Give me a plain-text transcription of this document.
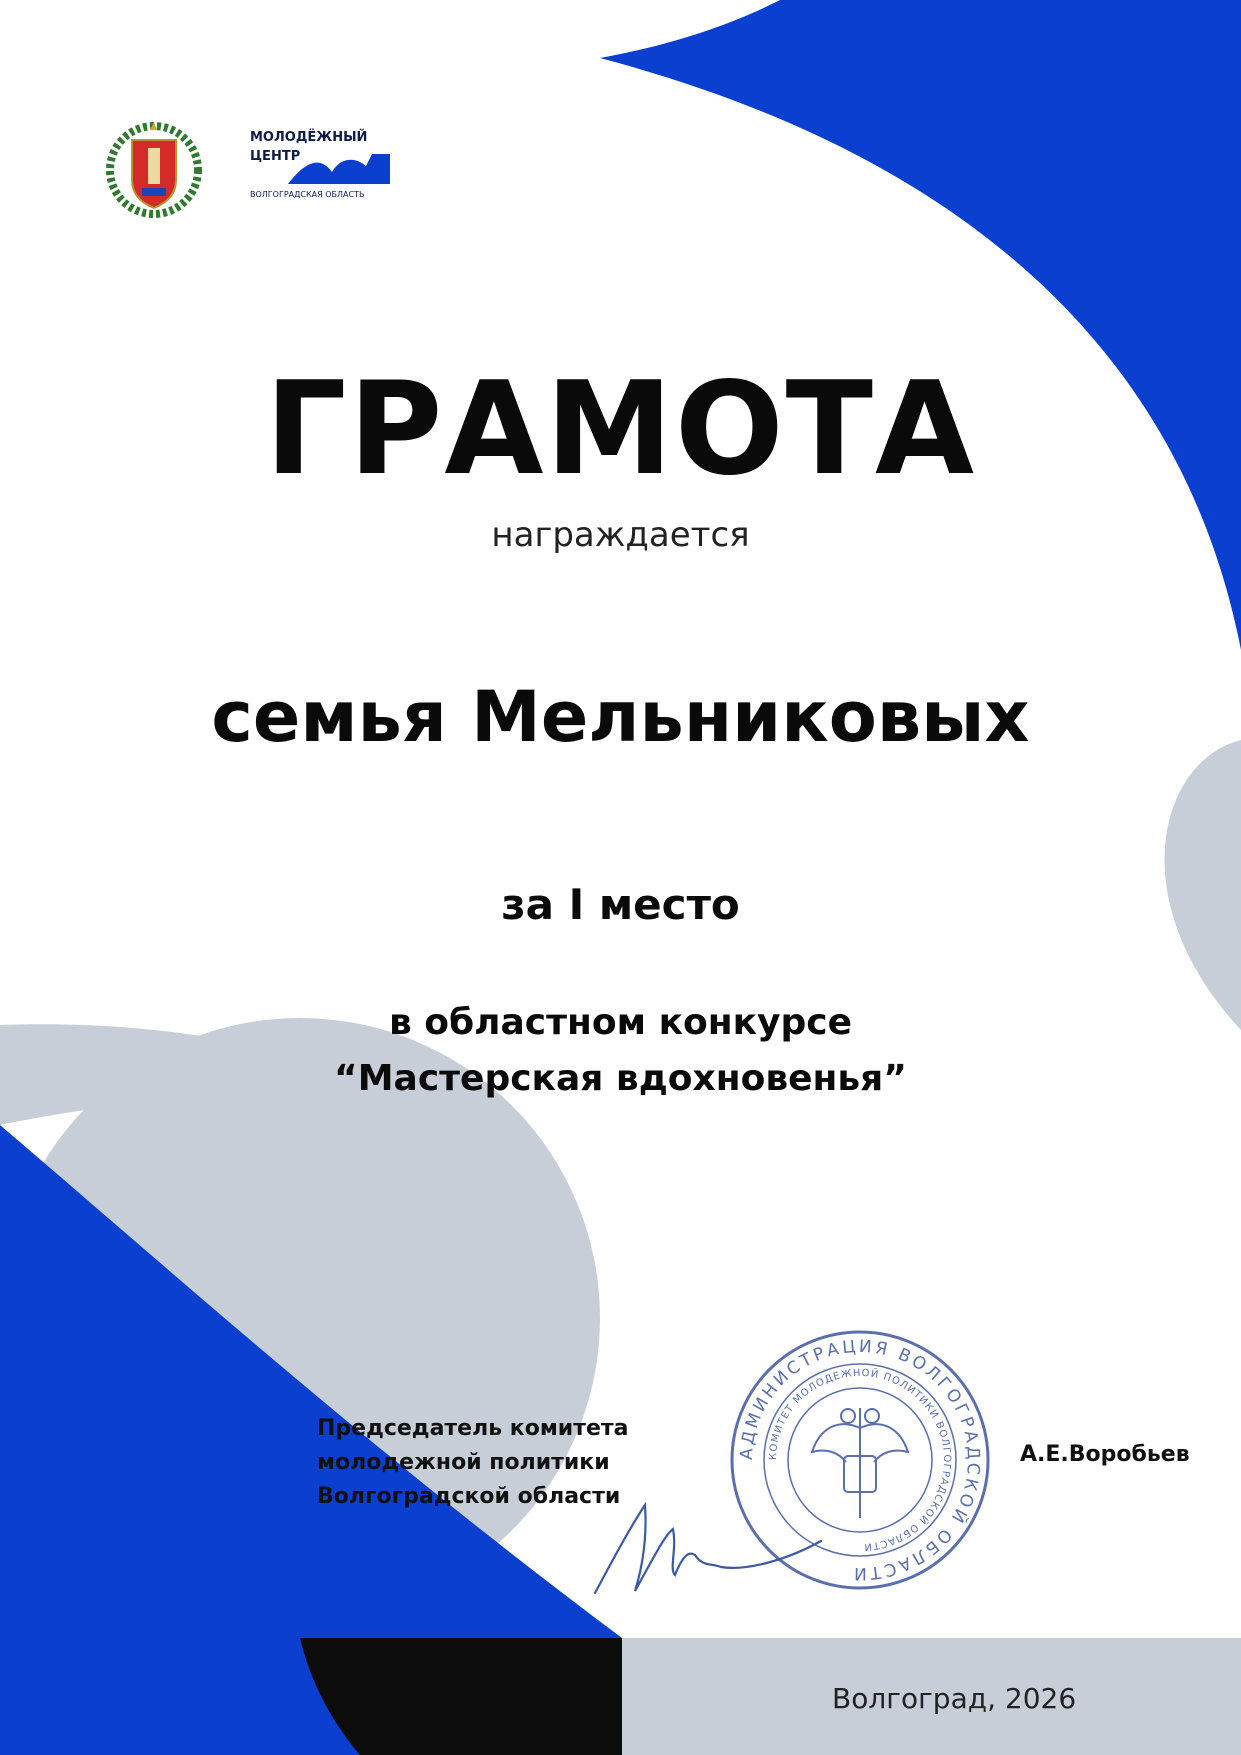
МОЛОДЁЖНЫЙ
ЦЕНТР
ВОЛГОГРАДСКАЯ ОБЛАСТЬ
ГРАМОТА
награждается
семья Мельниковых
за I место
в областном конкурсе
“Мастерская вдохновенья”
Председатель комитета
молодежной политики
Волгоградской области
АДМИНИСТРАЦИЯ ВОЛГОГРАДСКОЙ ОБЛАСТИ
КОМИТЕТ МОЛОДЕЖНОЙ ПОЛИТИКИ ВОЛГОГРАДСКОЙ ОБЛАСТИ
А.Е.Воробьев
Волгоград, 2026
